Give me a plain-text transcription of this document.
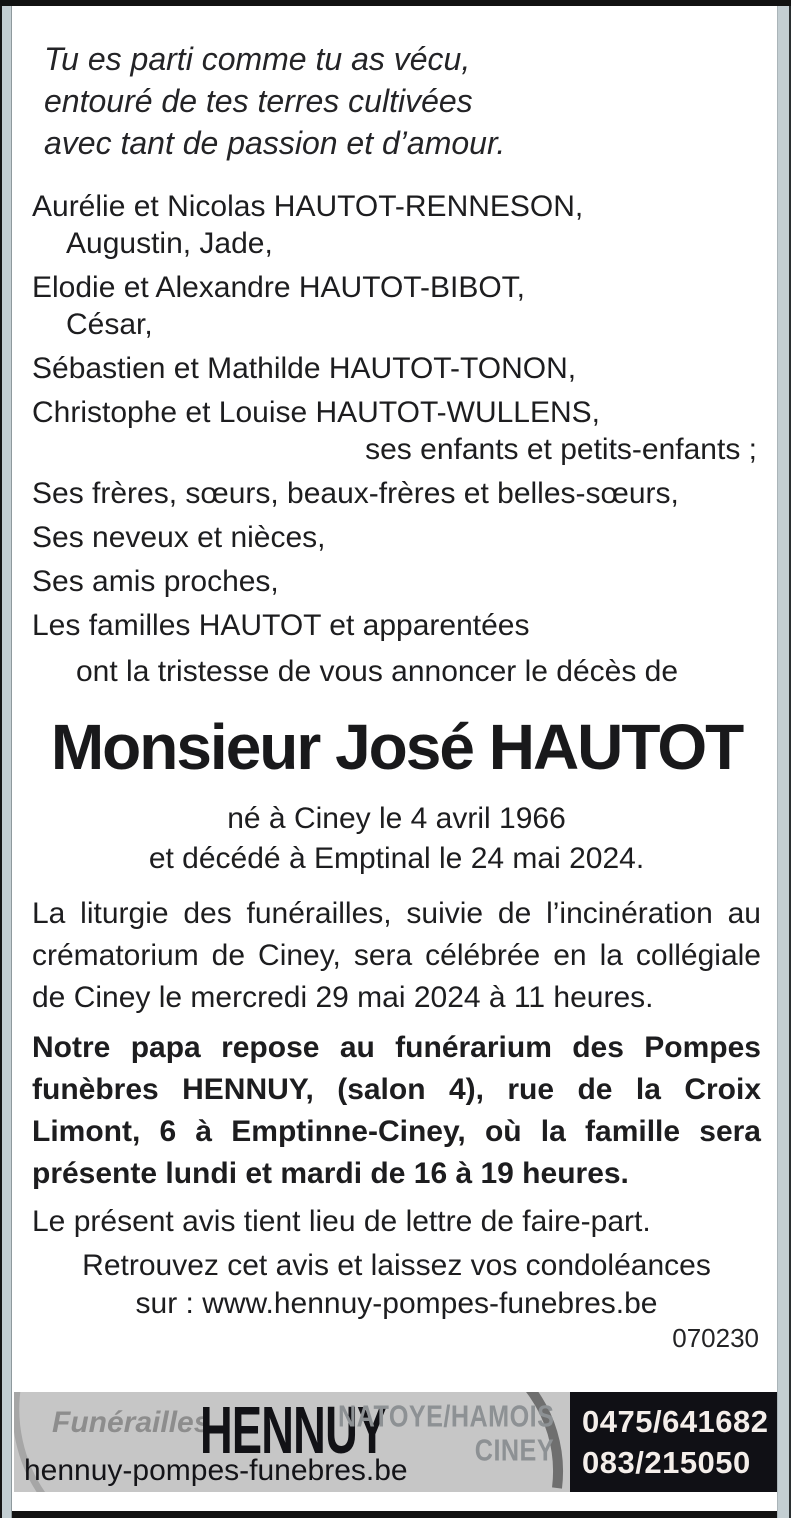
Tu es parti comme tu as vécu,
entouré de tes terres cultivées
avec tant de passion et d’amour.
Aurélie et Nicolas HAUTOT-RENNESON,
Augustin, Jade,
Elodie et Alexandre HAUTOT-BIBOT,
César,
Sébastien et Mathilde HAUTOT-TONON,
Christophe et Louise HAUTOT-WULLENS,
ses enfants et petits-enfants ;
Ses frères, sœurs, beaux-frères et belles-sœurs,
Ses neveux et nièces,
Ses amis proches,
Les familles HAUTOT et apparentées
ont la tristesse de vous annoncer le décès de
Monsieur José HAUTOT
né à Ciney le 4 avril 1966
et décédé à Emptinal le 24 mai 2024.

La liturgie des funérailles, suivie de l’incinération au crématorium de Ciney, sera célébrée en la collégiale de Ciney le mercredi 29 mai 2024 à 11 heures.

Notre papa repose au funérarium des Pompes funèbres HENNUY, (salon 4), rue de la Croix Limont, 6 à Emptinne-Ciney, où la famille sera présente lundi et mardi de 16 à 19 heures.

Le présent avis tient lieu de lettre de faire-part.
Retrouvez cet avis et laissez vos condoléances
sur : www.hennuy-pompes-funebres.be
070230
Funérailles
HENNUY
NATOYE/HAMOIS
CINEY
hennuy-pompes-funebres.be
0475/641682
083/215050
